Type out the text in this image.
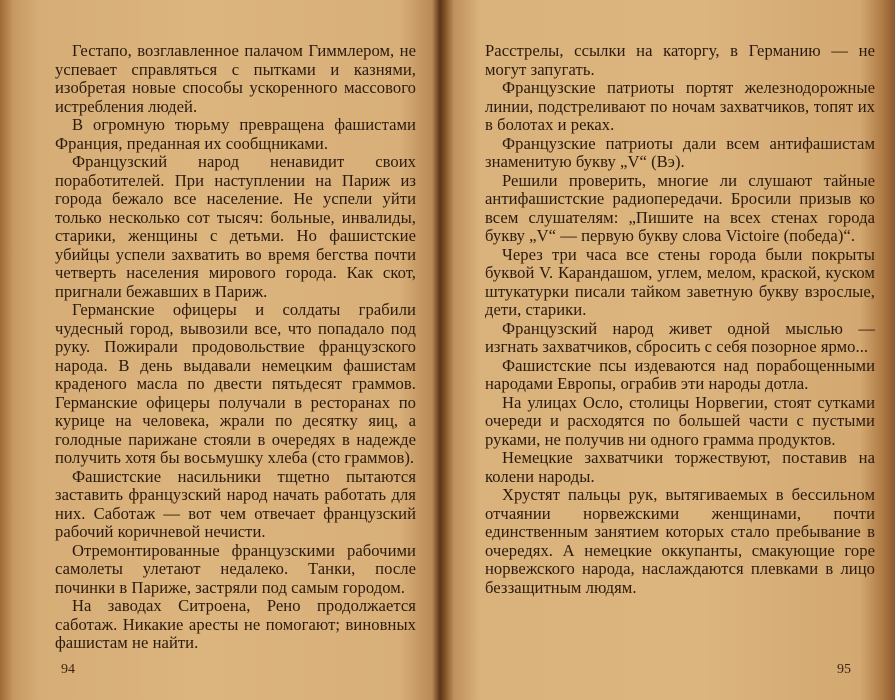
Гестапо, возглавленное палачом Гиммлером, не успевает справляться с пытками и казнями, изобретая новые способы ускоренного массового истребления людей.

В огромную тюрьму превращена фашистами Франция, преданная их сообщниками.

Французский народ ненавидит своих поработителей. При наступлении на Париж из города бежало все население. Не успели уйти только несколько сот тысяч: больные, инвалиды, старики, женщины с детьми. Но фашистские убийцы успели захватить во время бегства почти четверть населения мирового города. Как скот, пригнали бежавших в Париж.

Германские офицеры и солдаты грабили чудесный город, вывозили все, что попадало под руку. Пожирали продовольствие французского народа. В день выдавали немецким фашистам краденого масла по двести пятьдесят граммов. Германские офицеры получали в ресторанах по курице на человека, жрали по десятку яиц, а голодные парижане стояли в очередях в надежде получить хотя бы восьмушку хлеба (сто граммов).

Фашистские насильники тщетно пытаются заставить французский народ начать работать для них. Саботаж — вот чем отвечает французский рабочий коричневой нечисти.

Отремонтированные французскими рабочими самолеты улетают недалеко. Танки, после починки в Париже, застряли под самым городом.

На заводах Ситроена, Рено продолжается саботаж. Никакие аресты не помогают; виновных фашистам не найти.

94

Расстрелы, ссылки на каторгу, в Германию — не могут запугать.

Французские патриоты портят железнодорожные линии, подстреливают по ночам захватчиков, топят их в болотах и реках.

Французские патриоты дали всем антифашистам знаменитую букву „V“ (Вэ).

Решили проверить, многие ли слушают тайные антифашистские радиопередачи. Бросили призыв ко всем слушателям: „Пишите на всех стенах города букву „V“ — первую букву слова Victoire (победа)“.

Через три часа все стены города были покрыты буквой V. Карандашом, углем, мелом, краской, куском штукатурки писали тайком заветную букву взрослые, дети, старики.

Французский народ живет одной мыслью — изгнать захватчиков, сбросить с себя позорное ярмо...

Фашистские псы издеваются над порабощенными народами Европы, ограбив эти народы дотла.

На улицах Осло, столицы Норвегии, стоят сутками очереди и расходятся по большей части с пустыми руками, не получив ни одного грамма продуктов.

Немецкие захватчики торжествуют, поставив на колени народы.

Хрустят пальцы рук, вытягиваемых в бессильном отчаянии норвежскими женщинами, почти единственным занятием которых стало пребывание в очередях. А немецкие оккупанты, смакующие горе норвежского народа, наслаждаются плевками в лицо беззащитным людям.

95
